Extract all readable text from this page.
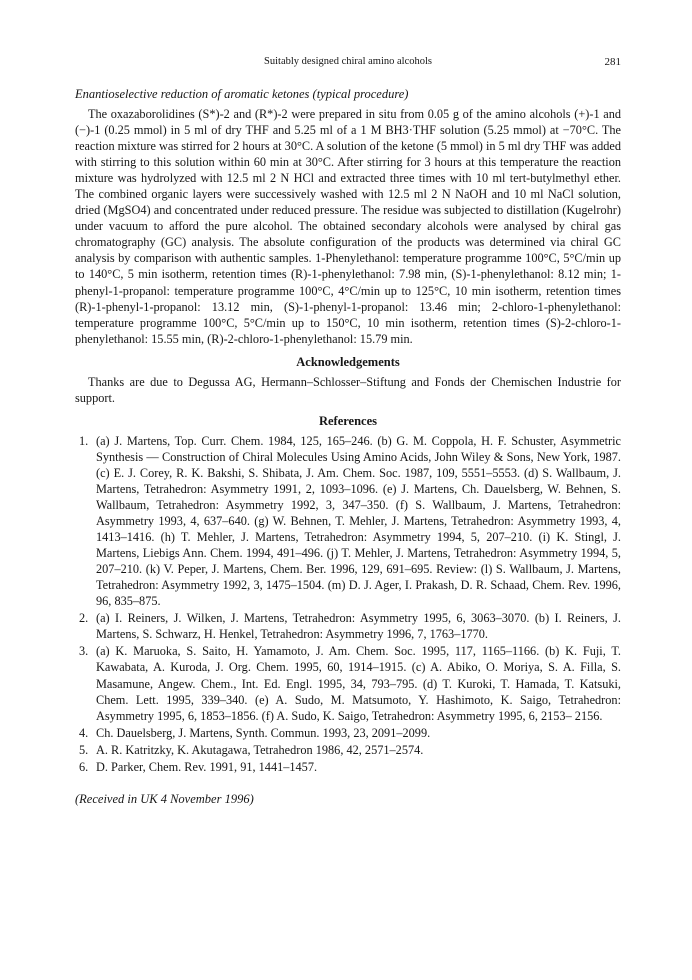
Suitably designed chiral amino alcohols	281
Enantioselective reduction of aromatic ketones (typical procedure)

The oxazaborolidines (S*)-2 and (R*)-2 were prepared in situ from 0.05 g of the amino alcohols (+)-1 and (−)-1 (0.25 mmol) in 5 ml of dry THF and 5.25 ml of a 1 M BH3·THF solution (5.25 mmol) at −70°C. The reaction mixture was stirred for 2 hours at 30°C. A solution of the ketone (5 mmol) in 5 ml dry THF was added with stirring to this solution within 60 min at 30°C. After stirring for 3 hours at this temperature the reaction mixture was hydrolyzed with 12.5 ml 2 N HCl and extracted three times with 10 ml tert-butylmethyl ether. The combined organic layers were successively washed with 12.5 ml 2 N NaOH and 10 ml NaCl solution, dried (MgSO4) and concentrated under reduced pressure. The residue was subjected to distillation (Kugelrohr) under vacuum to afford the pure alcohol. The obtained secondary alcohols were analysed by chiral gas chromatography (GC) analysis. The absolute configuration of the products was determined via chiral GC analysis by comparison with authentic samples. 1-Phenylethanol: temperature programme 100°C, 5°C/min up to 140°C, 5 min isotherm, retention times (R)-1-phenylethanol: 7.98 min, (S)-1-phenylethanol: 8.12 min; 1-phenyl-1-propanol: temperature programme 100°C, 4°C/min up to 125°C, 10 min isotherm, retention times (R)-1-phenyl-1-propanol: 13.12 min, (S)-1-phenyl-1-propanol: 13.46 min; 2-chloro-1-phenylethanol: temperature programme 100°C, 5°C/min up to 150°C, 10 min isotherm, retention times (S)-2-chloro-1-phenylethanol: 15.55 min, (R)-2-chloro-1-phenylethanol: 15.79 min.

Acknowledgements

Thanks are due to Degussa AG, Hermann–Schlosser–Stiftung and Fonds der Chemischen Industrie for support.

References
1. (a) J. Martens, Top. Curr. Chem. 1984, 125, 165–246. (b) G. M. Coppola, H. F. Schuster, Asymmetric Synthesis — Construction of Chiral Molecules Using Amino Acids, John Wiley & Sons, New York, 1987. (c) E. J. Corey, R. K. Bakshi, S. Shibata, J. Am. Chem. Soc. 1987, 109, 5551–5553. (d) S. Wallbaum, J. Martens, Tetrahedron: Asymmetry 1991, 2, 1093–1096. (e) J. Martens, Ch. Dauelsberg, W. Behnen, S. Wallbaum, Tetrahedron: Asymmetry 1992, 3, 347–350. (f) S. Wallbaum, J. Martens, Tetrahedron: Asymmetry 1993, 4, 637–640. (g) W. Behnen, T. Mehler, J. Martens, Tetrahedron: Asymmetry 1993, 4, 1413–1416. (h) T. Mehler, J. Martens, Tetrahedron: Asymmetry 1994, 5, 207–210. (i) K. Stingl, J. Martens, Liebigs Ann. Chem. 1994, 491–496. (j) T. Mehler, J. Martens, Tetrahedron: Asymmetry 1994, 5, 207–210. (k) V. Peper, J. Martens, Chem. Ber. 1996, 129, 691–695. Review: (l) S. Wallbaum, J. Martens, Tetrahedron: Asymmetry 1992, 3, 1475–1504. (m) D. J. Ager, I. Prakash, D. R. Schaad, Chem. Rev. 1996, 96, 835–875.
2. (a) I. Reiners, J. Wilken, J. Martens, Tetrahedron: Asymmetry 1995, 6, 3063–3070. (b) I. Reiners, J. Martens, S. Schwarz, H. Henkel, Tetrahedron: Asymmetry 1996, 7, 1763–1770.
3. (a) K. Maruoka, S. Saito, H. Yamamoto, J. Am. Chem. Soc. 1995, 117, 1165–1166. (b) K. Fuji, T. Kawabata, A. Kuroda, J. Org. Chem. 1995, 60, 1914–1915. (c) A. Abiko, O. Moriya, S. A. Filla, S. Masamune, Angew. Chem., Int. Ed. Engl. 1995, 34, 793–795. (d) T. Kuroki, T. Hamada, T. Katsuki, Chem. Lett. 1995, 339–340. (e) A. Sudo, M. Matsumoto, Y. Hashimoto, K. Saigo, Tetrahedron: Asymmetry 1995, 6, 1853–1856. (f) A. Sudo, K. Saigo, Tetrahedron: Asymmetry 1995, 6, 2153– 2156.
4. Ch. Dauelsberg, J. Martens, Synth. Commun. 1993, 23, 2091–2099.
5. A. R. Katritzky, K. Akutagawa, Tetrahedron 1986, 42, 2571–2574.
6. D. Parker, Chem. Rev. 1991, 91, 1441–1457.
(Received in UK 4 November 1996)
